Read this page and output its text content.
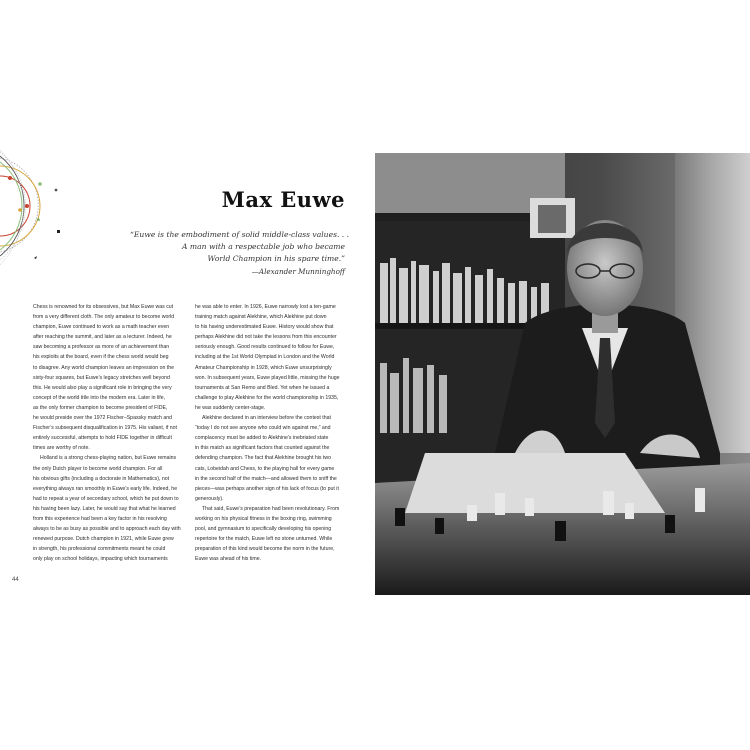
Max Euwe
“Euwe is the embodiment of solid middle-class values. . .
A man with a respectable job who became
World Champion in his spare time.”
—Alexander Munninghoff
Chess is renowned for its obsessives, but Max Euwe was cut
from a very different cloth. The only amateur to become world
champion, Euwe continued to work as a math teacher even
after reaching the summit, and later as a lecturer. Indeed, he
saw becoming a professor as more of an achievement than
his exploits at the board, even if the chess world would beg
to disagree. Any world champion leaves an impression on the
sixty-four squares, but Euwe’s legacy stretches well beyond
this. He would also play a significant role in bringing the very
concept of the world title into the modern era. Later in life,
as the only former champion to become president of FIDE,
he would preside over the 1972 Fischer–Spassky match and
Fischer’s subsequent disqualification in 1975. His valiant, if not
entirely successful, attempts to hold FIDE together in difficult
times are worthy of note.
Holland is a strong chess-playing nation, but Euwe remains
the only Dutch player to become world champion. For all
his obvious gifts (including a doctorate in Mathematics), not
everything always ran smoothly in Euwe’s early life. Indeed, he
had to repeat a year of secondary school, which he put down to
his having been lazy. Later, he would say that what he learned
from this experience had been a key factor in his resolving
always to be as busy as possible and to approach each day with
renewed purpose. Dutch champion in 1921, while Euwe grew
in strength, his professional commitments meant he could
only play on school holidays, impacting which tournaments
he was able to enter. In 1926, Euwe narrowly lost a ten-game
training match against Alekhine, which Alekhine put down
to his having underestimated Euwe. History would show that
perhaps Alekhine did not take the lessons from this encounter
seriously enough. Good results continued to follow for Euwe,
including at the 1st World Olympiad in London and the World
Amateur Championship in 1928, which Euwe unsurprisingly
won. In subsequent years, Euwe played little, missing the huge
tournaments at San Remo and Bled. Yet when he issued a
challenge to play Alekhine for the world championship in 1935,
he was suddenly center-stage.
Alekhine declared in an interview before the contest that
“today I do not see anyone who could win against me,” and
complacency must be added to Alekhine’s inebriated state
in this match as significant factors that counted against the
defending champion. The fact that Alekhine brought his two
cats, Lobeidah and Chess, to the playing hall for every game
in the second half of the match—and allowed them to sniff the
pieces—was perhaps another sign of his lack of focus (to put it
generously).
That said, Euwe’s preparation had been revolutionary. From
working on his physical fitness in the boxing ring, swimming
pool, and gymnasium to specifically developing his opening
repertoire for the match, Euwe left no stone unturned. While
preparation of this kind would become the norm in the future,
Euwe was ahead of his time.
44
